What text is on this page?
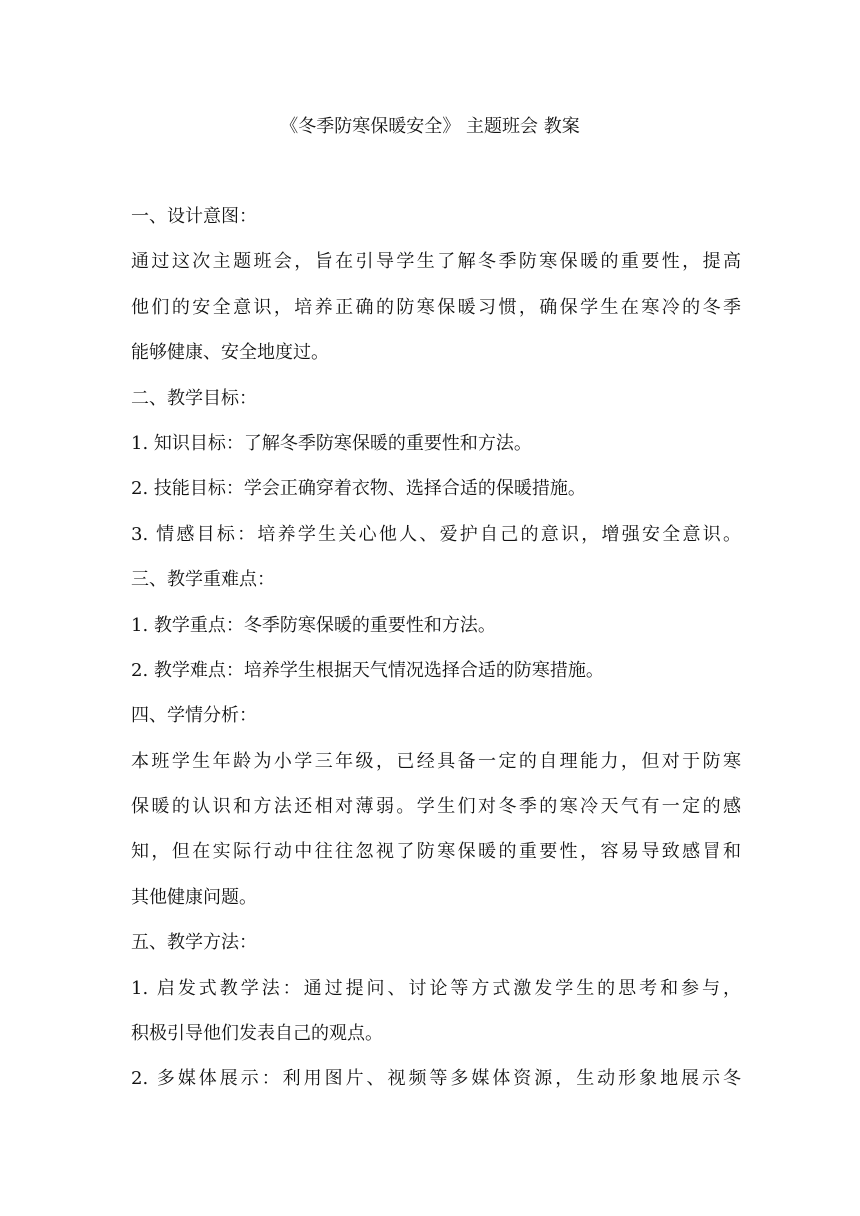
《冬季防寒保暖安全》 主题班会 教案
一、设计意图：
通过这次主题班会，旨在引导学生了解冬季防寒保暖的重要性，提高
他们的安全意识，培养正确的防寒保暖习惯，确保学生在寒冷的冬季
能够健康、安全地度过。
二、教学目标：
1. 知识目标：了解冬季防寒保暖的重要性和方法。
2. 技能目标：学会正确穿着衣物、选择合适的保暖措施。
3. 情感目标：培养学生关心他人、爱护自己的意识，增强安全意识。
三、教学重难点：
1. 教学重点：冬季防寒保暖的重要性和方法。
2. 教学难点：培养学生根据天气情况选择合适的防寒措施。
四、学情分析：
本班学生年龄为小学三年级，已经具备一定的自理能力，但对于防寒
保暖的认识和方法还相对薄弱。学生们对冬季的寒冷天气有一定的感
知，但在实际行动中往往忽视了防寒保暖的重要性，容易导致感冒和
其他健康问题。
五、教学方法：
1. 启发式教学法：通过提问、讨论等方式激发学生的思考和参与，
积极引导他们发表自己的观点。
2. 多媒体展示：利用图片、视频等多媒体资源，生动形象地展示冬
